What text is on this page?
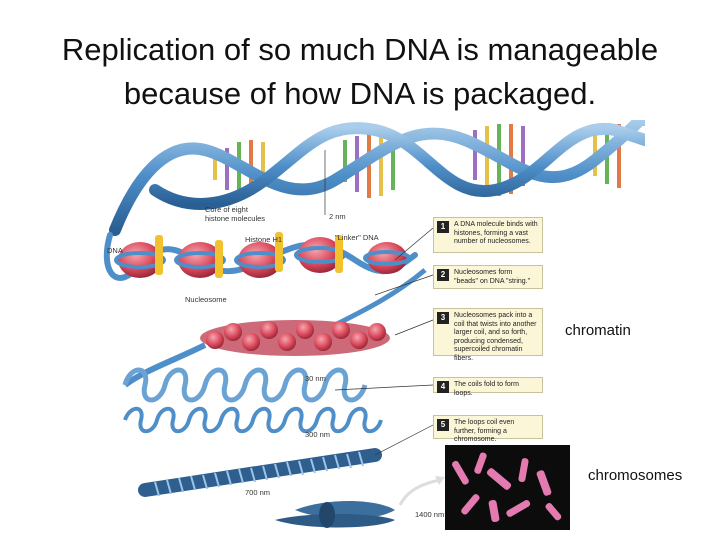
Replication of so much DNA is manageable
because of how DNA is packaged.
Core of eight
histone molecules
DNA
Histone H1	"Linker" DNA
Nucleosome
2 nm
30 nm
300 nm
700 nm
1400 nm
1	A DNA molecule binds with histones, forming a vast number of nucleosomes.
2	Nucleosomes form "beads" on DNA "string."
3	Nucleosomes pack into a coil that twists into another larger coil, and so forth, producing condensed, supercoiled chromatin fibers.
4	The coils fold to form loops.
5	The loops coil even further, forming a chromosome.
chromatin
chromosomes
